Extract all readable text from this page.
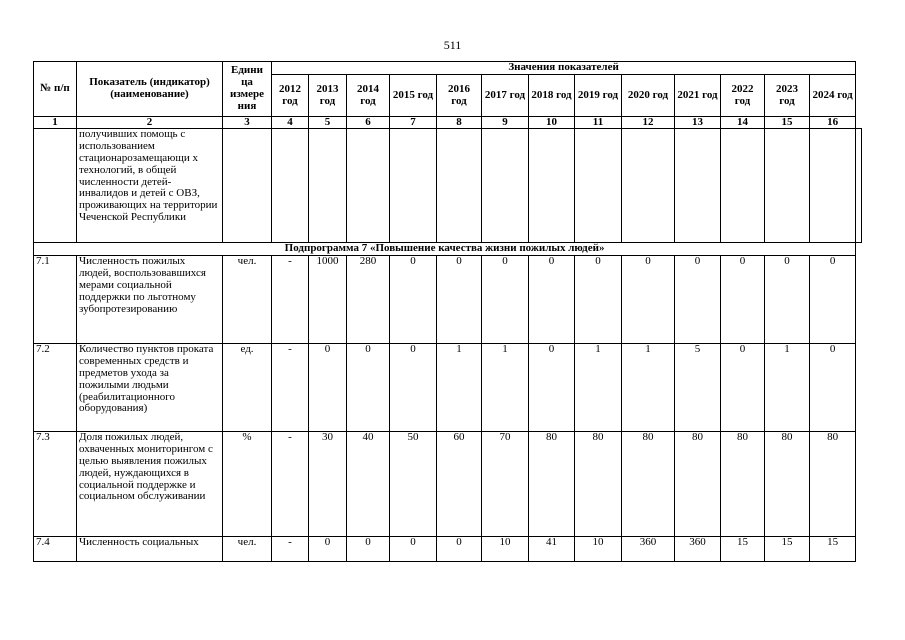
511
№ п/п	Показатель (индикатор) (наименование)	Едини ца измере ния	Значения показателей													
			2012 год	2013 год	2014 год	2015 год	2016 год	2017 год	2018 год	2019 год	2020 год	2021 год	2022 год	2023 год	2024 год	
1	2	3	4	5	6	7	8	9	10	11	12	13	14	15	16	
	получивших помощь с использованием стационарозамещающи х технологий, в общей численности детей-инвалидов и детей с ОВЗ, проживающих на территории Чеченской Республики															
Подпрограмма 7 «Повышение качества жизни пожилых людей»																
7.1	Численность пожилых людей, воспользовавшихся мерами социальной поддержки по льготному зубопротезированию	чел.	-	1000	280	0	0	0	0	0	0	0	0	0	0	
7.2	Количество пунктов проката современных средств и предметов ухода за пожилыми людьми (реабилитационного оборудования)	ед.	-	0	0	0	1	1	0	1	1	5	0	1	0	
7.3	Доля пожилых людей, охваченных мониторингом с целью выявления пожилых людей, нуждающихся в социальной поддержке и социальном обслуживании	%	-	30	40	50	60	70	80	80	80	80	80	80	80	
7.4	Численность социальных	чел.	-	0	0	0	0	10	41	10	360	360	15	15	15	
